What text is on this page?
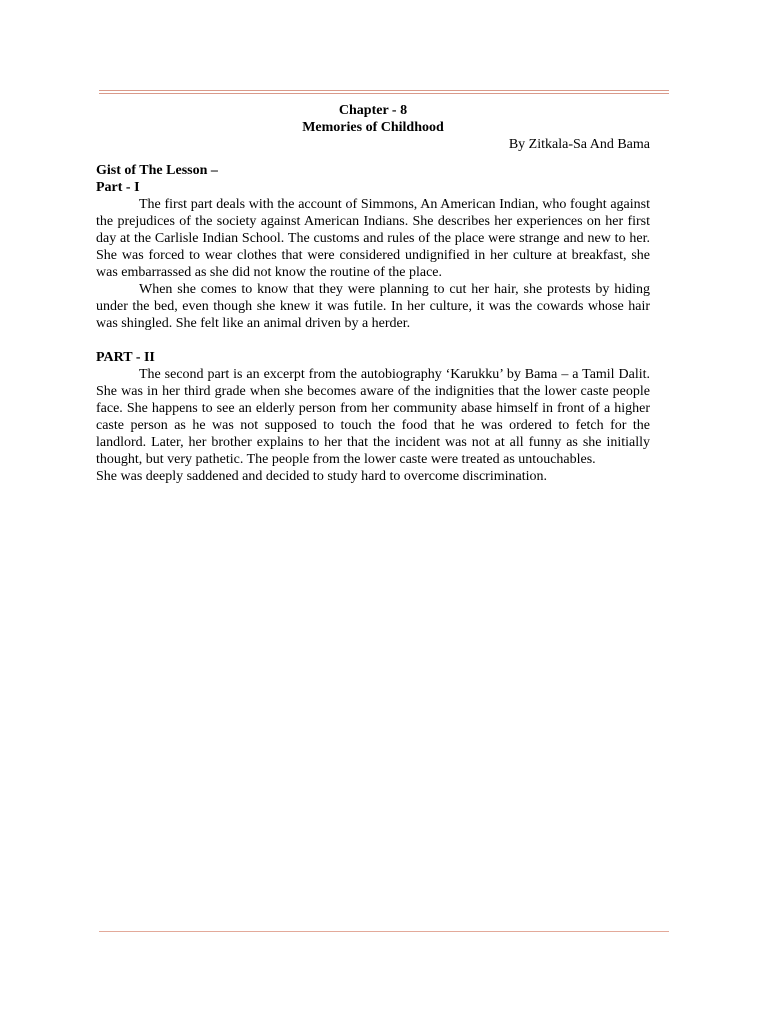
Chapter - 8

Memories of Childhood

By Zitkala-Sa And Bama

Gist of The Lesson –

Part - I

The first part deals with the account of Simmons, An American Indian, who fought against the prejudices of the society against American Indians. She describes her experiences on her first day at the Carlisle Indian School. The customs and rules of the place were strange and new to her. She was forced to wear clothes that were considered undignified in her culture at breakfast, she was embarrassed as she did not know the routine of the place.

When she comes to know that they were planning to cut her hair, she protests by hiding under the bed, even though she knew it was futile. In her culture, it was the cowards whose hair was shingled. She felt like an animal driven by a herder.

PART - II

The second part is an excerpt from the autobiography ‘Karukku’ by Bama – a Tamil Dalit. She was in her third grade when she becomes aware of the indignities that the lower caste people face. She happens to see an elderly person from her community abase himself in front of a higher caste person as he was not supposed to touch the food that he was ordered to fetch for the landlord. Later, her brother explains to her that the incident was not at all funny as she initially thought, but very pathetic. The people from the lower caste were treated as untouchables.

She was deeply saddened and decided to study hard to overcome discrimination.
